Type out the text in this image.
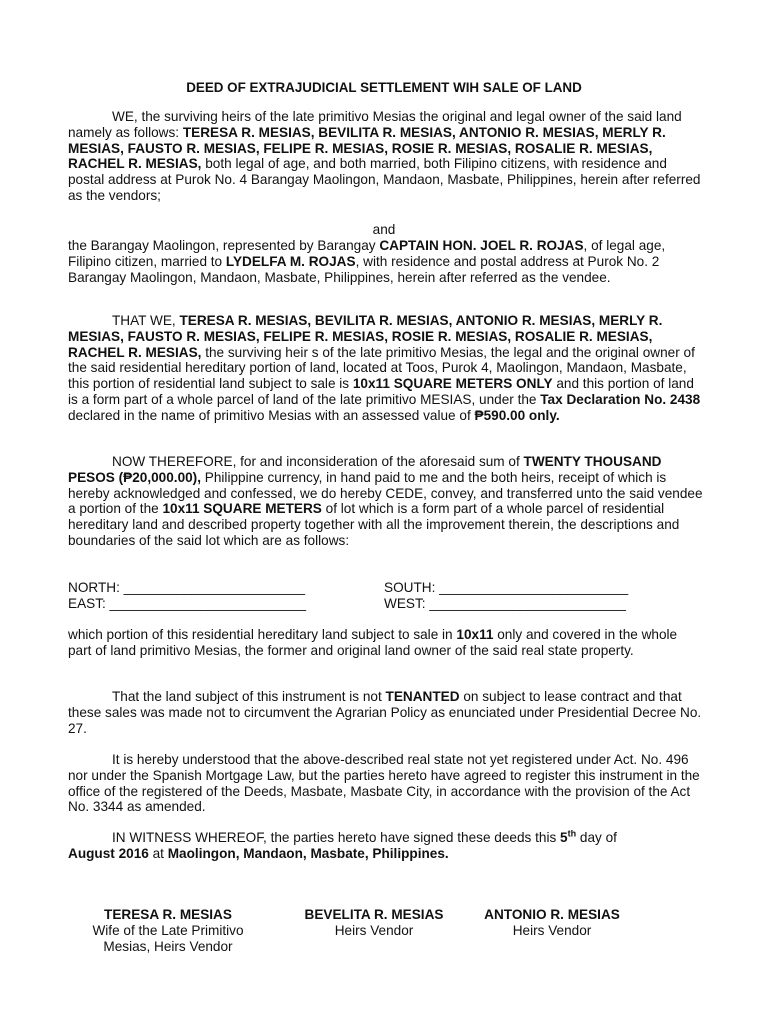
DEED OF EXTRAJUDICIAL SETTLEMENT WIH SALE OF LAND

WE, the surviving heirs of the late primitivo Mesias the original and legal owner of the said land namely as follows: TERESA R. MESIAS, BEVILITA R. MESIAS, ANTONIO R. MESIAS, MERLY R. MESIAS, FAUSTO R. MESIAS, FELIPE R. MESIAS, ROSIE R. MESIAS, ROSALIE R. MESIAS, RACHEL R. MESIAS, both legal of age, and both married, both Filipino citizens, with residence and postal address at Purok No. 4 Barangay Maolingon, Mandaon, Masbate, Philippines, herein after referred as the vendors;

and

the Barangay Maolingon, represented by Barangay CAPTAIN HON. JOEL R. ROJAS, of legal age, Filipino citizen, married to LYDELFA M. ROJAS, with residence and postal address at Purok No. 2 Barangay Maolingon, Mandaon, Masbate, Philippines, herein after referred as the vendee.

THAT WE, TERESA R. MESIAS, BEVILITA R. MESIAS, ANTONIO R. MESIAS, MERLY R. MESIAS, FAUSTO R. MESIAS, FELIPE R. MESIAS, ROSIE R. MESIAS, ROSALIE R. MESIAS, RACHEL R. MESIAS, the surviving heir s of the late primitivo Mesias, the legal and the original owner of the said residential hereditary portion of land, located at Toos, Purok 4, Maolingon, Mandaon, Masbate, this portion of residential land subject to sale is 10x11 SQUARE METERS ONLY and this portion of land is a form part of a whole parcel of land of the late primitivo MESIAS, under the Tax Declaration No. 2438 declared in the name of primitivo Mesias with an assessed value of ₱590.00 only.

NOW THEREFORE, for and inconsideration of the aforesaid sum of TWENTY THOUSAND PESOS (₱20,000.00), Philippine currency, in hand paid to me and the both heirs, receipt of which is hereby acknowledged and confessed, we do hereby CEDE, convey, and transferred unto the said vendee a portion of the 10x11 SQUARE METERS of lot which is a form part of a whole parcel of residential hereditary land and described property together with all the improvement therein, the descriptions and boundaries of the said lot which are as follows:

NORTH: ________________________	SOUTH: _________________________
EAST: __________________________	WEST: __________________________

which portion of this residential hereditary land subject to sale in 10x11 only and covered in the whole part of land primitivo Mesias, the former and original land owner of the said real state property.

That the land subject of this instrument is not TENANTED on subject to lease contract and that these sales was made not to circumvent the Agrarian Policy as enunciated under Presidential Decree No. 27.

It is hereby understood that the above-described real state not yet registered under Act. No. 496 nor under the Spanish Mortgage Law, but the parties hereto have agreed to register this instrument in the office of the registered of the Deeds, Masbate, Masbate City, in accordance with the provision of the Act No. 3344 as amended.

IN WITNESS WHEREOF, the parties hereto have signed these deeds this 5th day of
August 2016 at Maolingon, Mandaon, Masbate, Philippines.

TERESA R. MESIAS
Wife of the Late Primitivo
Mesias, Heirs Vendor
BEVELITA R. MESIAS
Heirs Vendor
ANTONIO R. MESIAS
Heirs Vendor
